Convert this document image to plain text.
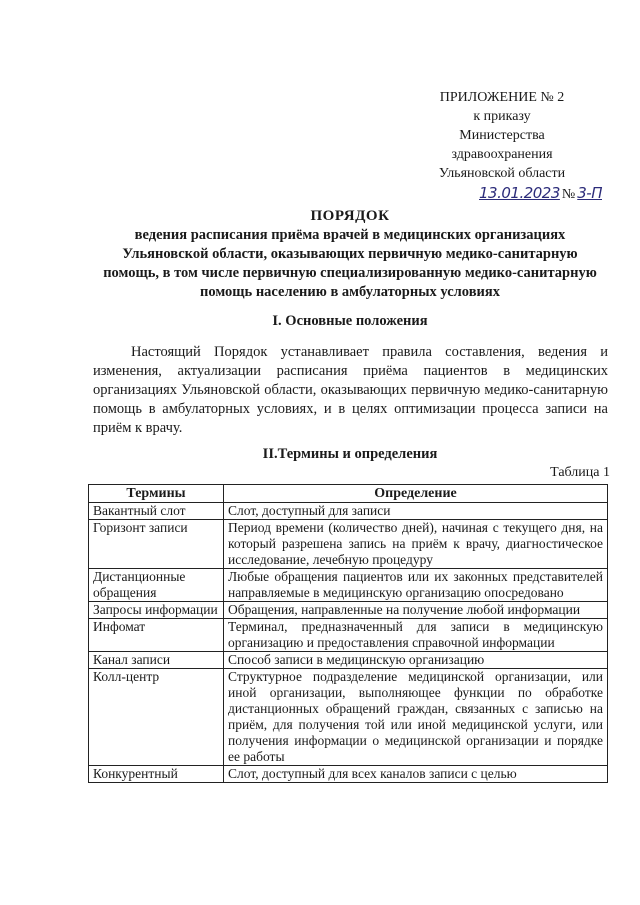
ПРИЛОЖЕНИЕ № 2
к приказу
Министерства
здравоохранения
Ульяновской области
13.01.2023 № 3-П
ПОРЯДОК
ведения расписания приёма врачей в медицинских организациях
Ульяновской области, оказывающих первичную медико-санитарную
помощь, в том числе первичную специализированную медико-санитарную
помощь населению в амбулаторных условиях
I. Основные положения
Настоящий Порядок устанавливает правила составления, ведения и изменения, актуализации расписания приёма пациентов в медицинских организациях Ульяновской области, оказывающих первичную медико-санитарную помощь в амбулаторных условиях, и в целях оптимизации процесса записи на приём к врачу.
II.Термины и определения
Таблица 1
Термины	Определение
Вакантный слот	Слот, доступный для записи
Горизонт записи	Период времени (количество дней), начиная с текущего дня, на который разрешена запись на приём к врачу, диагностическое исследование, лечебную процедуру
Дистанционные обращения	Любые обращения пациентов или их законных представителей направляемые в медицинскую организацию опосредовано
Запросы информации	Обращения, направленные на получение любой информации
Инфомат	Терминал, предназначенный для записи в медицинскую организацию и предоставления справочной информации
Канал записи	Способ записи в медицинскую организацию
Колл-центр	Структурное подразделение медицинской организации, или иной организации, выполняющее функции по обработке дистанционных обращений граждан, связанных с записью на приём, для получения той или иной медицинской услуги, или получения информации о медицинской организации и порядке ее работы
Конкурентный	Слот, доступный для всех каналов записи с целью
